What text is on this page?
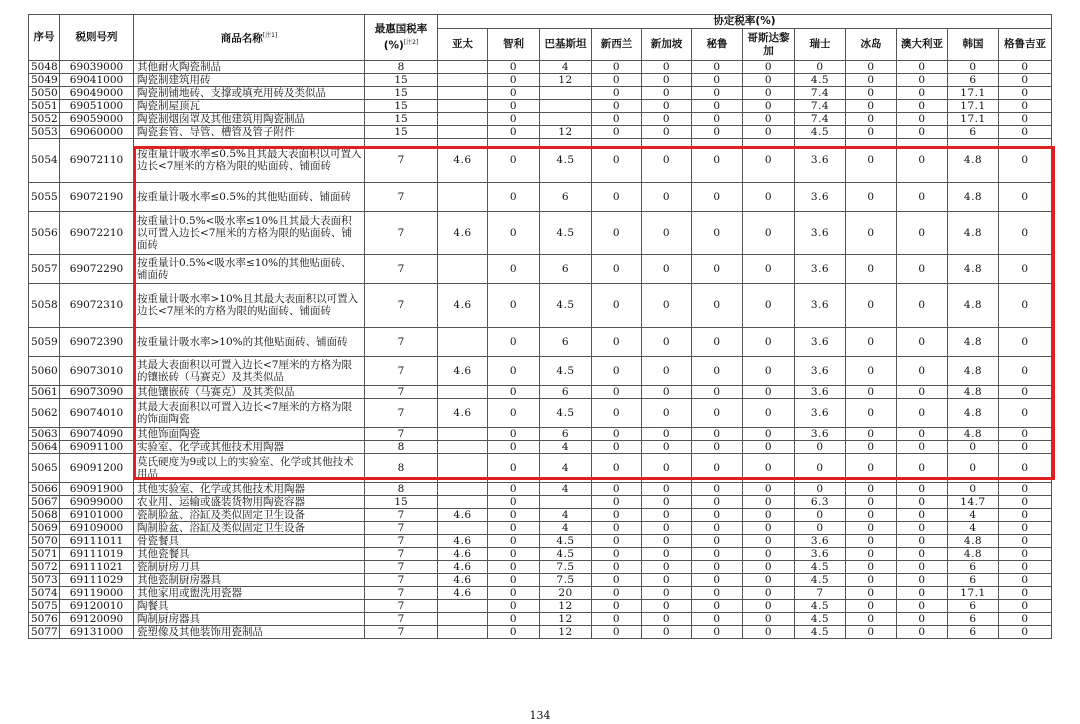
序号	税则号列	商品名称[注1]	最惠国税率
(%)[注2]	协定税率(%)											
				亚太	智利	巴基斯坦	新西兰	新加坡	秘鲁	哥斯达黎加	瑞士	冰岛	澳大利亚	韩国	格鲁吉亚
5048	69039000	其他耐火陶瓷制品	8		0	4	0	0	0	0	0	0	0	0	0
5049	69041000	陶瓷制建筑用砖	15		0	12	0	0	0	0	4.5	0	0	6	0
5050	69049000	陶瓷制铺地砖、支撑或填充用砖及类似品	15		0		0	0	0	0	7.4	0	0	17.1	0
5051	69051000	陶瓷制屋顶瓦	15		0		0	0	0	0	7.4	0	0	17.1	0
5052	69059000	陶瓷制烟囱罩及其他建筑用陶瓷制品	15		0		0	0	0	0	7.4	0	0	17.1	0
5053	69060000	陶瓷套管、导管、槽管及管子附件	15		0	12	0	0	0	0	4.5	0	0	6	0
5054	69072110	按重量计吸水率≤0.5%且其最大表面积以可置入边长<7厘米的方格为限的贴面砖、铺面砖	7	4.6	0	4.5	0	0	0	0	3.6	0	0	4.8	0
5055	69072190	按重量计吸水率≤0.5%的其他贴面砖、铺面砖	7		0	6	0	0	0	0	3.6	0	0	4.8	0
5056	69072210	按重量计0.5%<吸水率≤10%且其最大表面积以可置入边长<7厘米的方格为限的贴面砖、铺面砖	7	4.6	0	4.5	0	0	0	0	3.6	0	0	4.8	0
5057	69072290	按重量计0.5%<吸水率≤10%的其他贴面砖、铺面砖	7		0	6	0	0	0	0	3.6	0	0	4.8	0
5058	69072310	按重量计吸水率>10%且其最大表面积以可置入边长<7厘米的方格为限的贴面砖、铺面砖	7	4.6	0	4.5	0	0	0	0	3.6	0	0	4.8	0
5059	69072390	按重量计吸水率>10%的其他贴面砖、铺面砖	7		0	6	0	0	0	0	3.6	0	0	4.8	0
5060	69073010	其最大表面积以可置入边长<7厘米的方格为限的镶嵌砖（马赛克）及其类似品	7	4.6	0	4.5	0	0	0	0	3.6	0	0	4.8	0
5061	69073090	其他镶嵌砖（马赛克）及其类似品	7		0	6	0	0	0	0	3.6	0	0	4.8	0
5062	69074010	其最大表面积以可置入边长<7厘米的方格为限的饰面陶瓷	7	4.6	0	4.5	0	0	0	0	3.6	0	0	4.8	0
5063	69074090	其他饰面陶瓷	7		0	6	0	0	0	0	3.6	0	0	4.8	0
5064	69091100	实验室、化学或其他技术用陶器	8		0	4	0	0	0	0	0	0	0	0	0
5065	69091200	莫氏硬度为9或以上的实验室、化学或其他技术用品	8		0	4	0	0	0	0	0	0	0	0	0
5066	69091900	其他实验室、化学或其他技术用陶器	8		0	4	0	0	0	0	0	0	0	0	0
5067	69099000	农业用、运输或盛装货物用陶瓷容器	15		0		0	0	0	0	6.3	0	0	14.7	0
5068	69101000	瓷制脸盆、浴缸及类似固定卫生设备	7	4.6	0	4	0	0	0	0	0	0	0	4	0
5069	69109000	陶制脸盆、浴缸及类似固定卫生设备	7		0	4	0	0	0	0	0	0	0	4	0
5070	69111011	骨瓷餐具	7	4.6	0	4.5	0	0	0	0	3.6	0	0	4.8	0
5071	69111019	其他瓷餐具	7	4.6	0	4.5	0	0	0	0	3.6	0	0	4.8	0
5072	69111021	瓷制厨房刀具	7	4.6	0	7.5	0	0	0	0	4.5	0	0	6	0
5073	69111029	其他瓷制厨房器具	7	4.6	0	7.5	0	0	0	0	4.5	0	0	6	0
5074	69119000	其他家用或盥洗用瓷器	7	4.6	0	20	0	0	0	0	7	0	0	17.1	0
5075	69120010	陶餐具	7		0	12	0	0	0	0	4.5	0	0	6	0
5076	69120090	陶制厨房器具	7		0	12	0	0	0	0	4.5	0	0	6	0
5077	69131000	瓷塑像及其他装饰用瓷制品	7		0	12	0	0	0	0	4.5	0	0	6	0
134
